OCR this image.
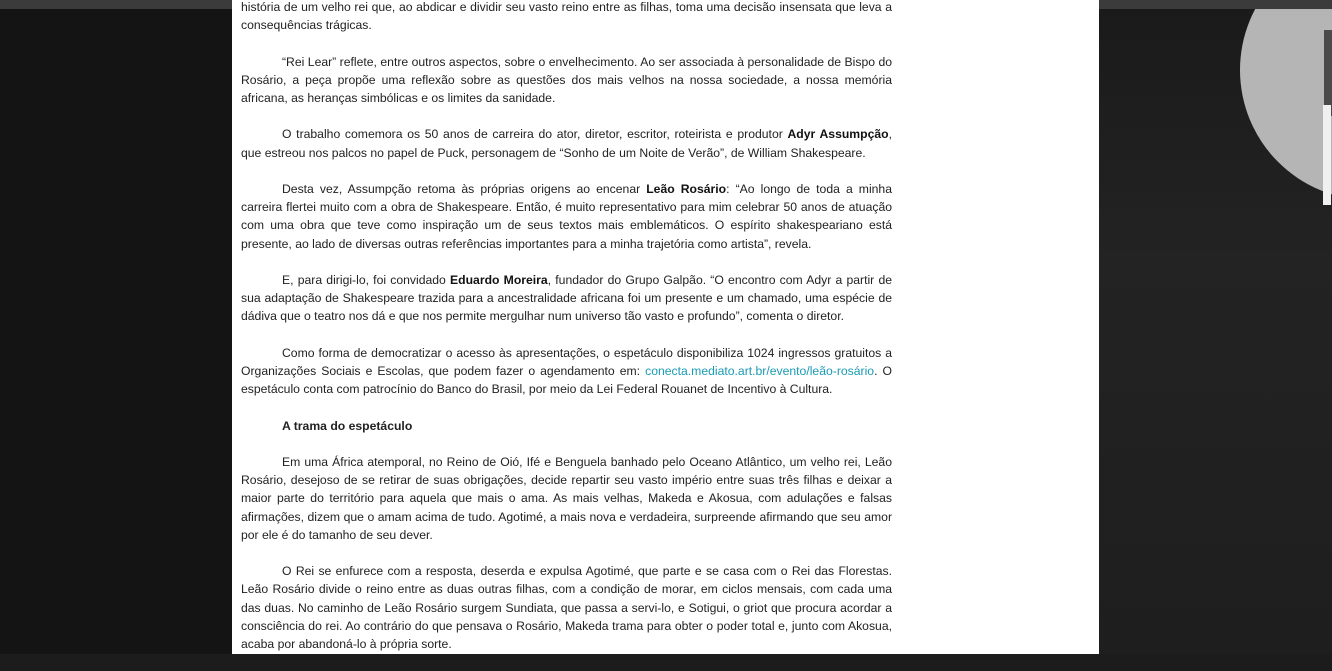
história de um velho rei que, ao abdicar e dividir seu vasto reino entre as filhas, toma uma decisão insensata que leva a consequências trágicas.

“Rei Lear” reflete, entre outros aspectos, sobre o envelhecimento. Ao ser associada à personalidade de Bispo do Rosário, a peça propõe uma reflexão sobre as questões dos mais velhos na nossa sociedade, a nossa memória africana, as heranças simbólicas e os limites da sanidade.

O trabalho comemora os 50 anos de carreira do ator, diretor, escritor, roteirista e produtor Adyr Assumpção, que estreou nos palcos no papel de Puck, personagem de “Sonho de um Noite de Verão”, de William Shakespeare.

Desta vez, Assumpção retoma às próprias origens ao encenar Leão Rosário: “Ao longo de toda a minha carreira flertei muito com a obra de Shakespeare. Então, é muito representativo para mim celebrar 50 anos de atuação com uma obra que teve como inspiração um de seus textos mais emblemáticos. O espírito shakespeariano está presente, ao lado de diversas outras referências importantes para a minha trajetória como artista”, revela.

E, para dirigi-lo, foi convidado Eduardo Moreira, fundador do Grupo Galpão. “O encontro com Adyr a partir de sua adaptação de Shakespeare trazida para a ancestralidade africana foi um presente e um chamado, uma espécie de dádiva que o teatro nos dá e que nos permite mergulhar num universo tão vasto e profundo”, comenta o diretor.

Como forma de democratizar o acesso às apresentações, o espetáculo disponibiliza 1024 ingressos gratuitos a Organizações Sociais e Escolas, que podem fazer o agendamento em: conecta.mediato.art.br/evento/leão-rosário. O espetáculo conta com patrocínio do Banco do Brasil, por meio da Lei Federal Rouanet de Incentivo à Cultura.

A trama do espetáculo

Em uma África atemporal, no Reino de Oió, Ifé e Benguela banhado pelo Oceano Atlântico, um velho rei, Leão Rosário, desejoso de se retirar de suas obrigações, decide repartir seu vasto império entre suas três filhas e deixar a maior parte do território para aquela que mais o ama. As mais velhas, Makeda e Akosua, com adulações e falsas afirmações, dizem que o amam acima de tudo. Agotimé, a mais nova e verdadeira, surpreende afirmando que seu amor por ele é do tamanho de seu dever.

O Rei se enfurece com a resposta, deserda e expulsa Agotimé, que parte e se casa com o Rei das Florestas. Leão Rosário divide o reino entre as duas outras filhas, com a condição de morar, em ciclos mensais, com cada uma das duas. No caminho de Leão Rosário surgem Sundiata, que passa a servi-lo, e Sotigui, o griot que procura acordar a consciência do rei. Ao contrário do que pensava o Rosário, Makeda trama para obter o poder total e, junto com Akosua, acaba por abandoná-lo à própria sorte.
